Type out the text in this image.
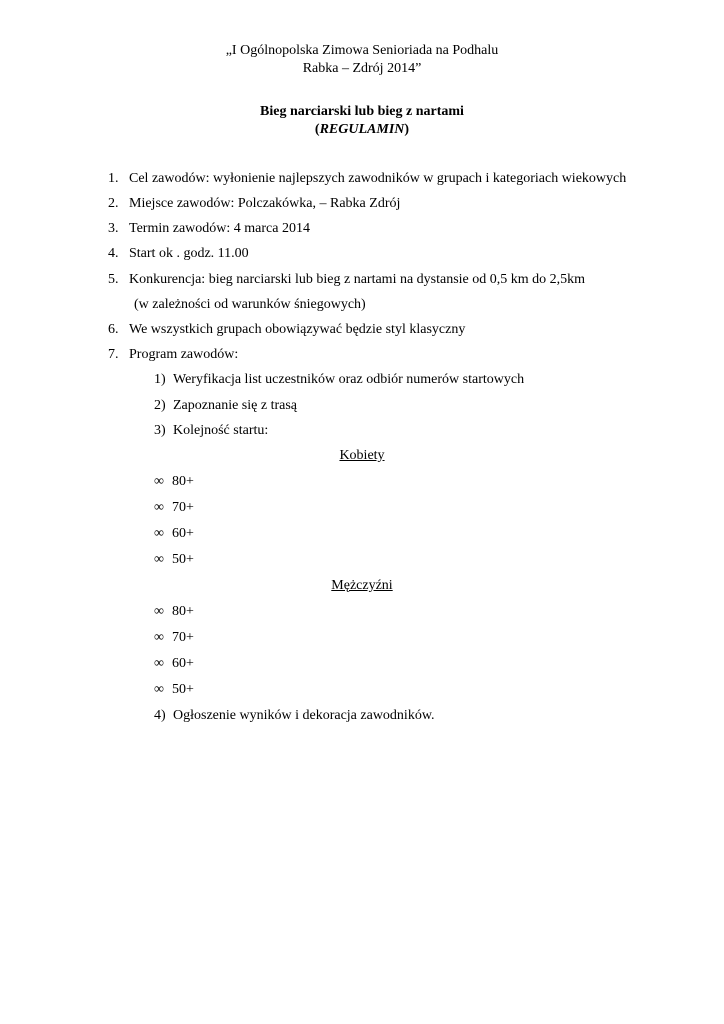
„I Ogólnopolska Zimowa Senioriada na Podhalu
Rabka – Zdrój 2014”
Bieg narciarski lub bieg z nartami
(REGULAMIN)
1. Cel zawodów: wyłonienie najlepszych zawodników w grupach i kategoriach wiekowych
2. Miejsce zawodów: Polczakówka, – Rabka Zdrój
3. Termin zawodów: 4 marca 2014
4. Start ok . godz. 11.00
5. Konkurencja: bieg narciarski lub bieg z nartami na dystansie od 0,5 km do 2,5km
(w zależności od warunków śniegowych)
6. We wszystkich grupach obowiązywać będzie styl klasyczny
7. Program zawodów:
1) Weryfikacja list uczestników oraz odbiór numerów startowych
2) Zapoznanie się z trasą
3) Kolejność startu:
Kobiety
∞ 80+
∞ 70+
∞ 60+
∞ 50+
Mężczyźni
∞ 80+
∞ 70+
∞ 60+
∞ 50+
4) Ogłoszenie wyników i dekoracja zawodników.
